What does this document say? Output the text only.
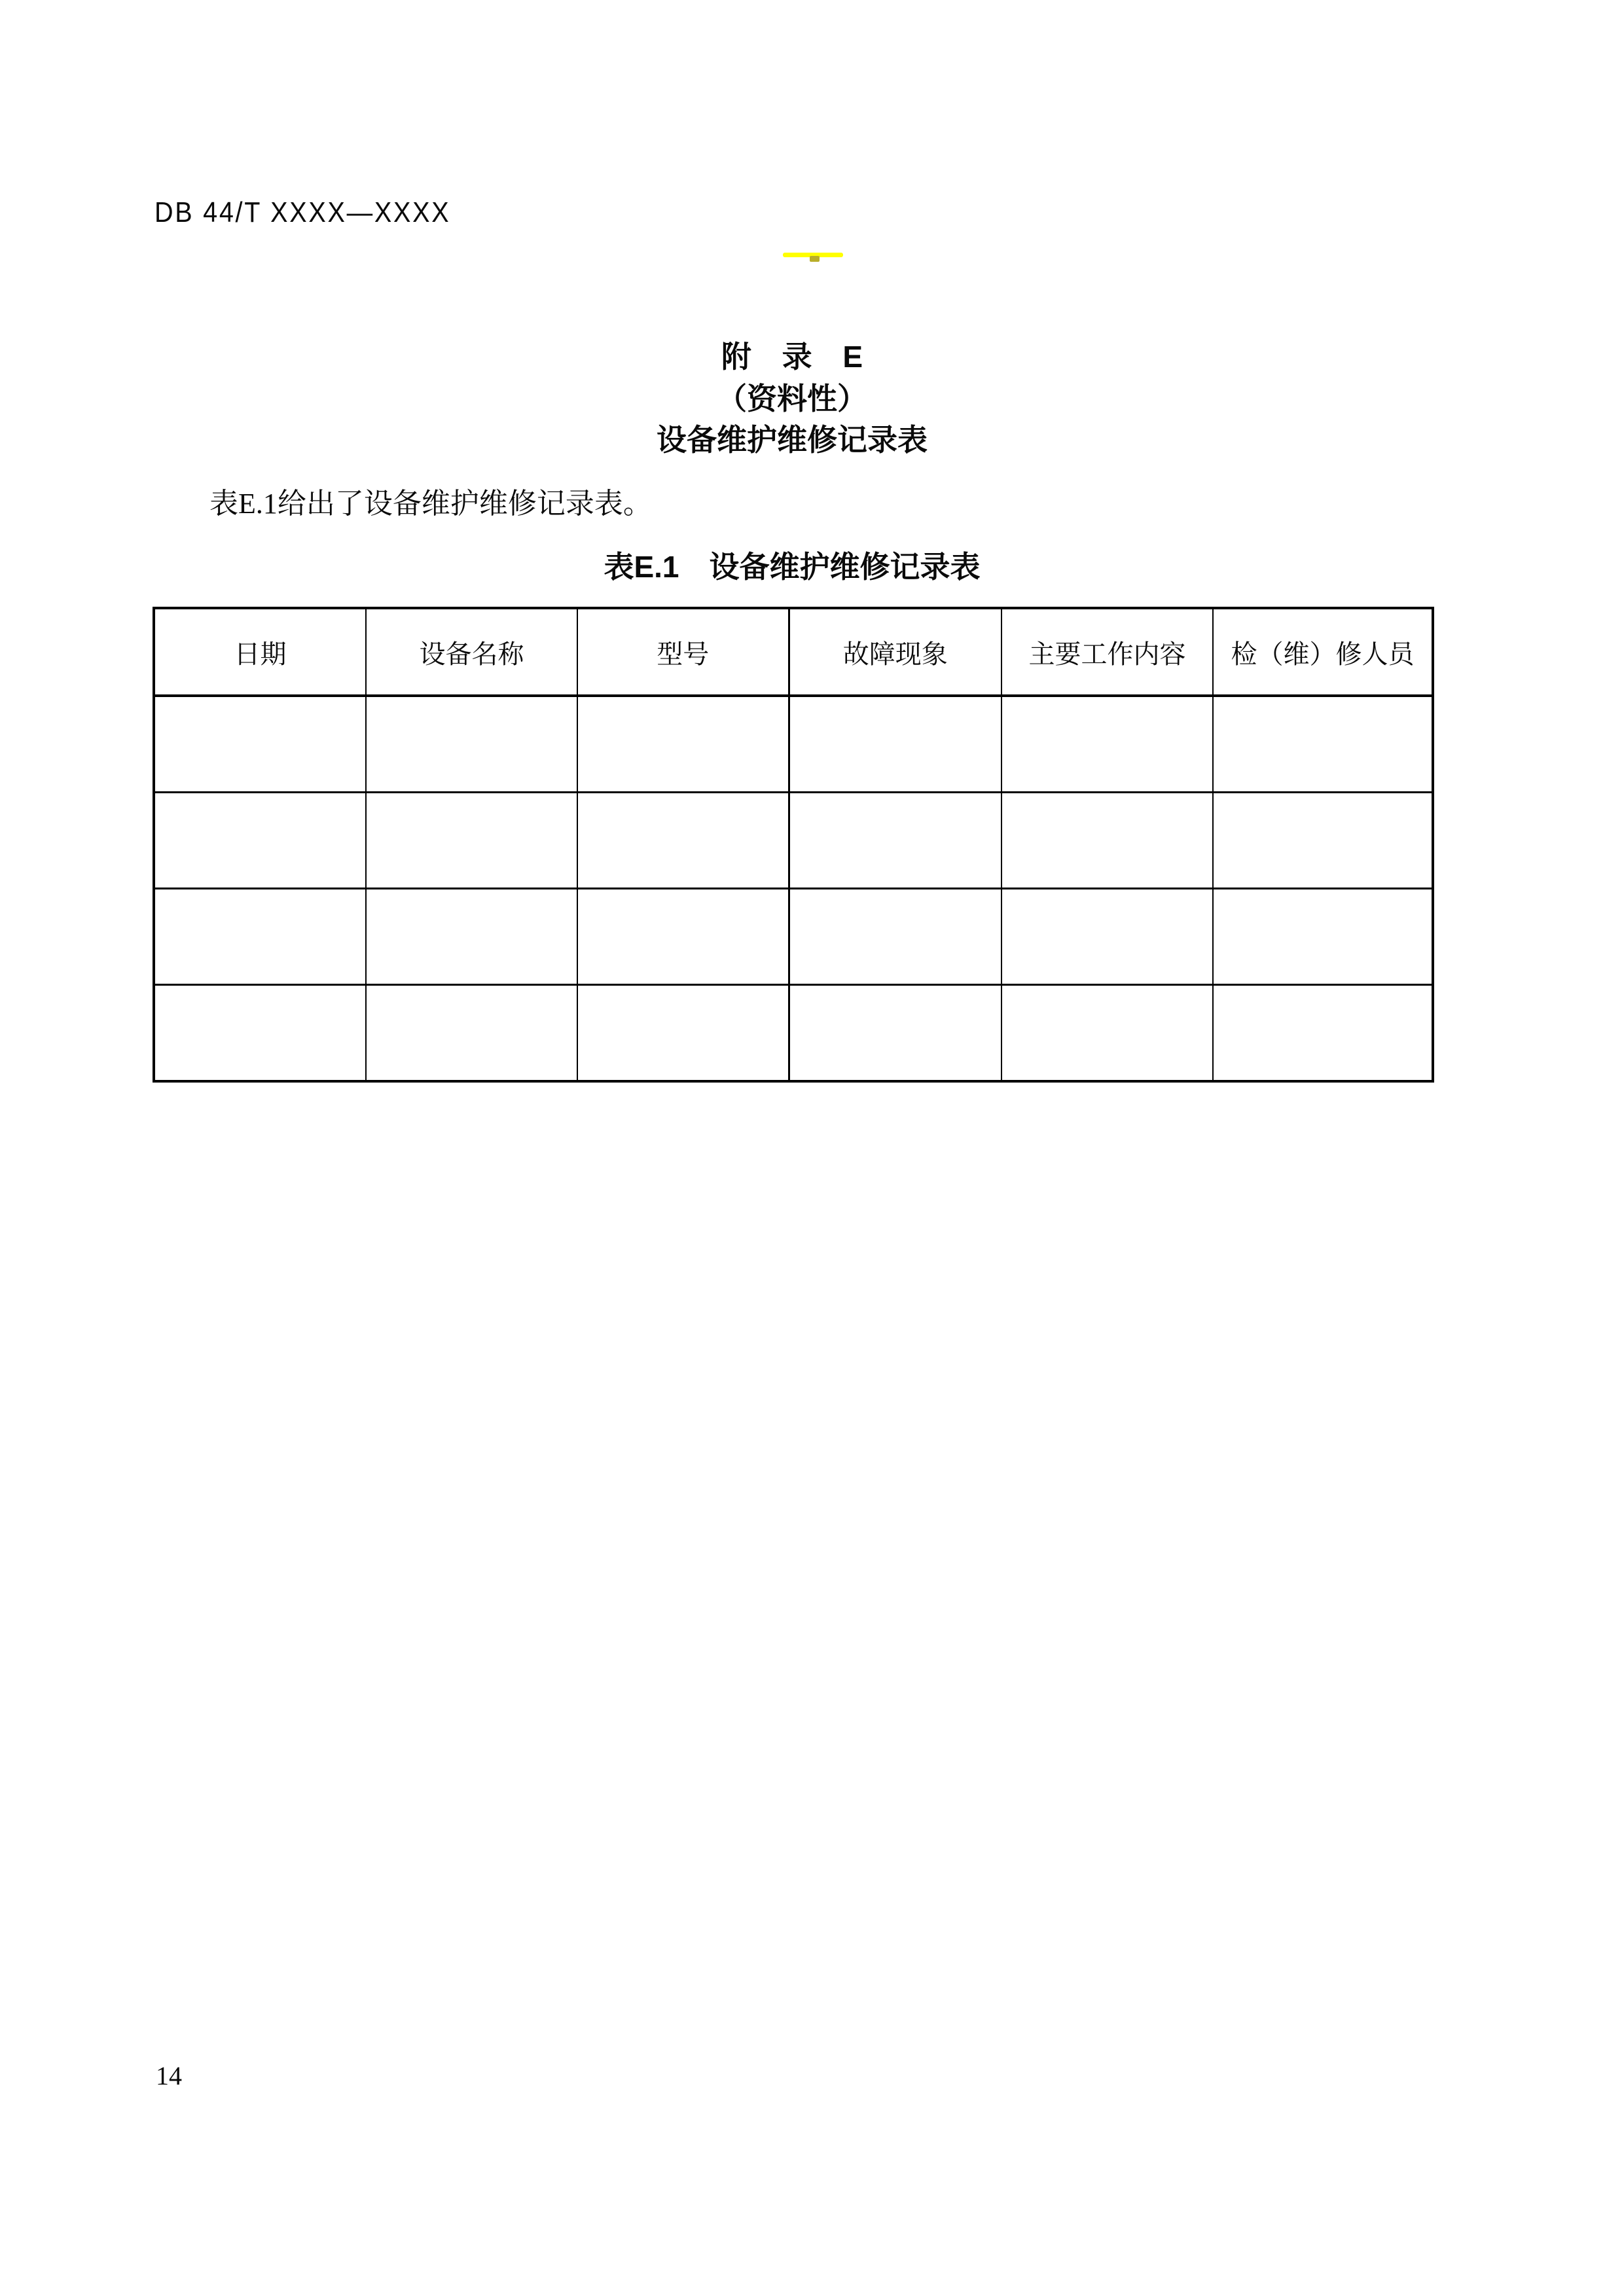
DB 44/T XXXX—XXXX
附 录 E
（资料性）
设备维护维修记录表
表E.1给出了设备维护维修记录表。
表E.1　设备维护维修记录表
日期	设备名称	型号	故障现象	主要工作内容	检（维）修人员

14
